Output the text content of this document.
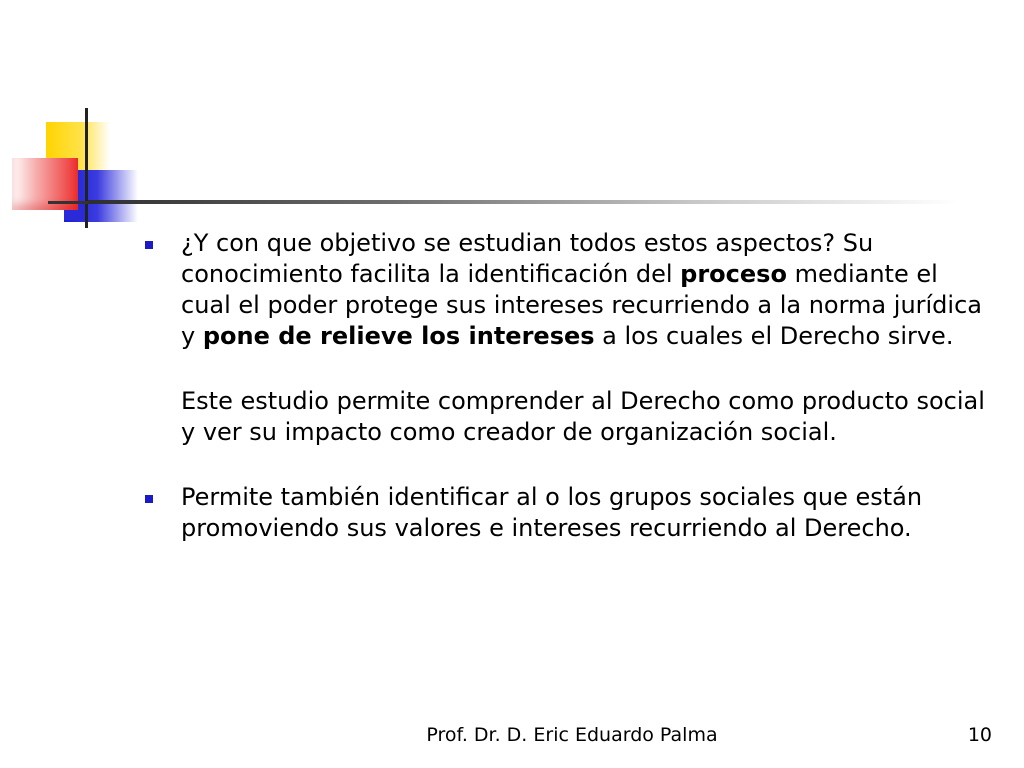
¿Y con que objetivo se estudian todos estos aspectos? Su conocimiento facilita la identificación del proceso mediante el cual el poder protege sus intereses recurriendo a la norma jurídica y pone de relieve los intereses a los cuales el Derecho sirve.

Este estudio permite comprender al Derecho como producto social y ver su impacto como creador de organización social.

Permite también identificar al o los grupos sociales que están promoviendo sus valores e intereses recurriendo al Derecho.

Prof. Dr. D. Eric Eduardo Palma	10
